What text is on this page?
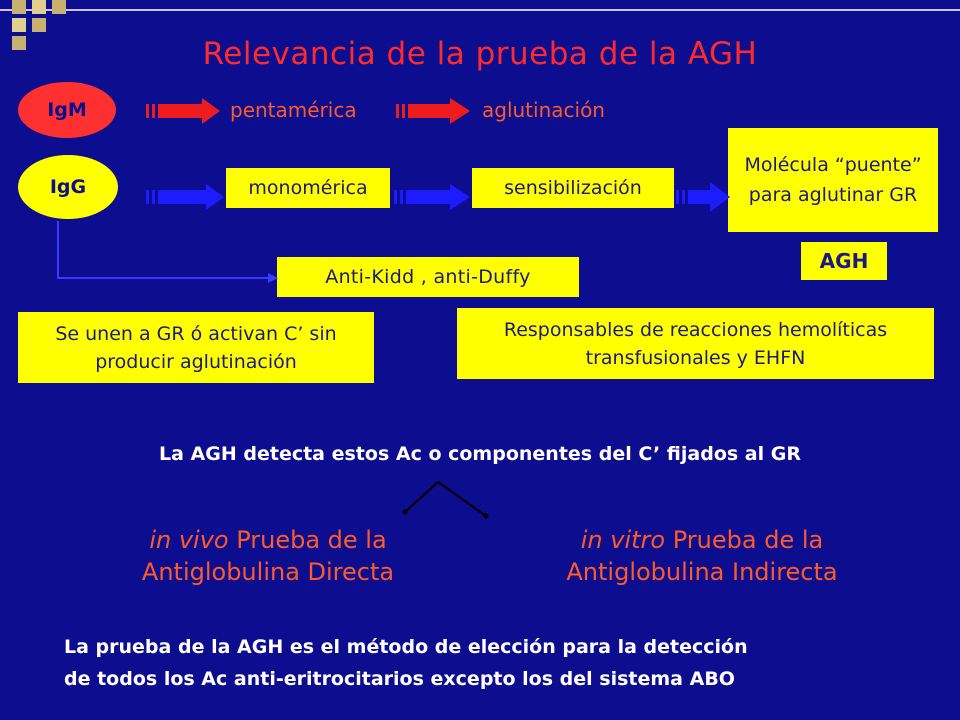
Relevancia de la prueba de la AGH
IgM	pentamérica	aglutinación
IgG	monomérica	sensibilización
Molécula “puente” para aglutinar GR
AGH
Anti-Kidd , anti-Duffy
Se unen a GR ó activan C’ sin producir aglutinación
Responsables de reacciones hemolíticas transfusionales y EHFN
La AGH detecta estos Ac o componentes del C’ fijados al GR
in vivo Prueba de la
Antiglobulina Directa
in vitro Prueba de la
Antiglobulina Indirecta
La prueba de la AGH es el método de elección para la detección
de todos los Ac anti-eritrocitarios excepto los del sistema ABO
